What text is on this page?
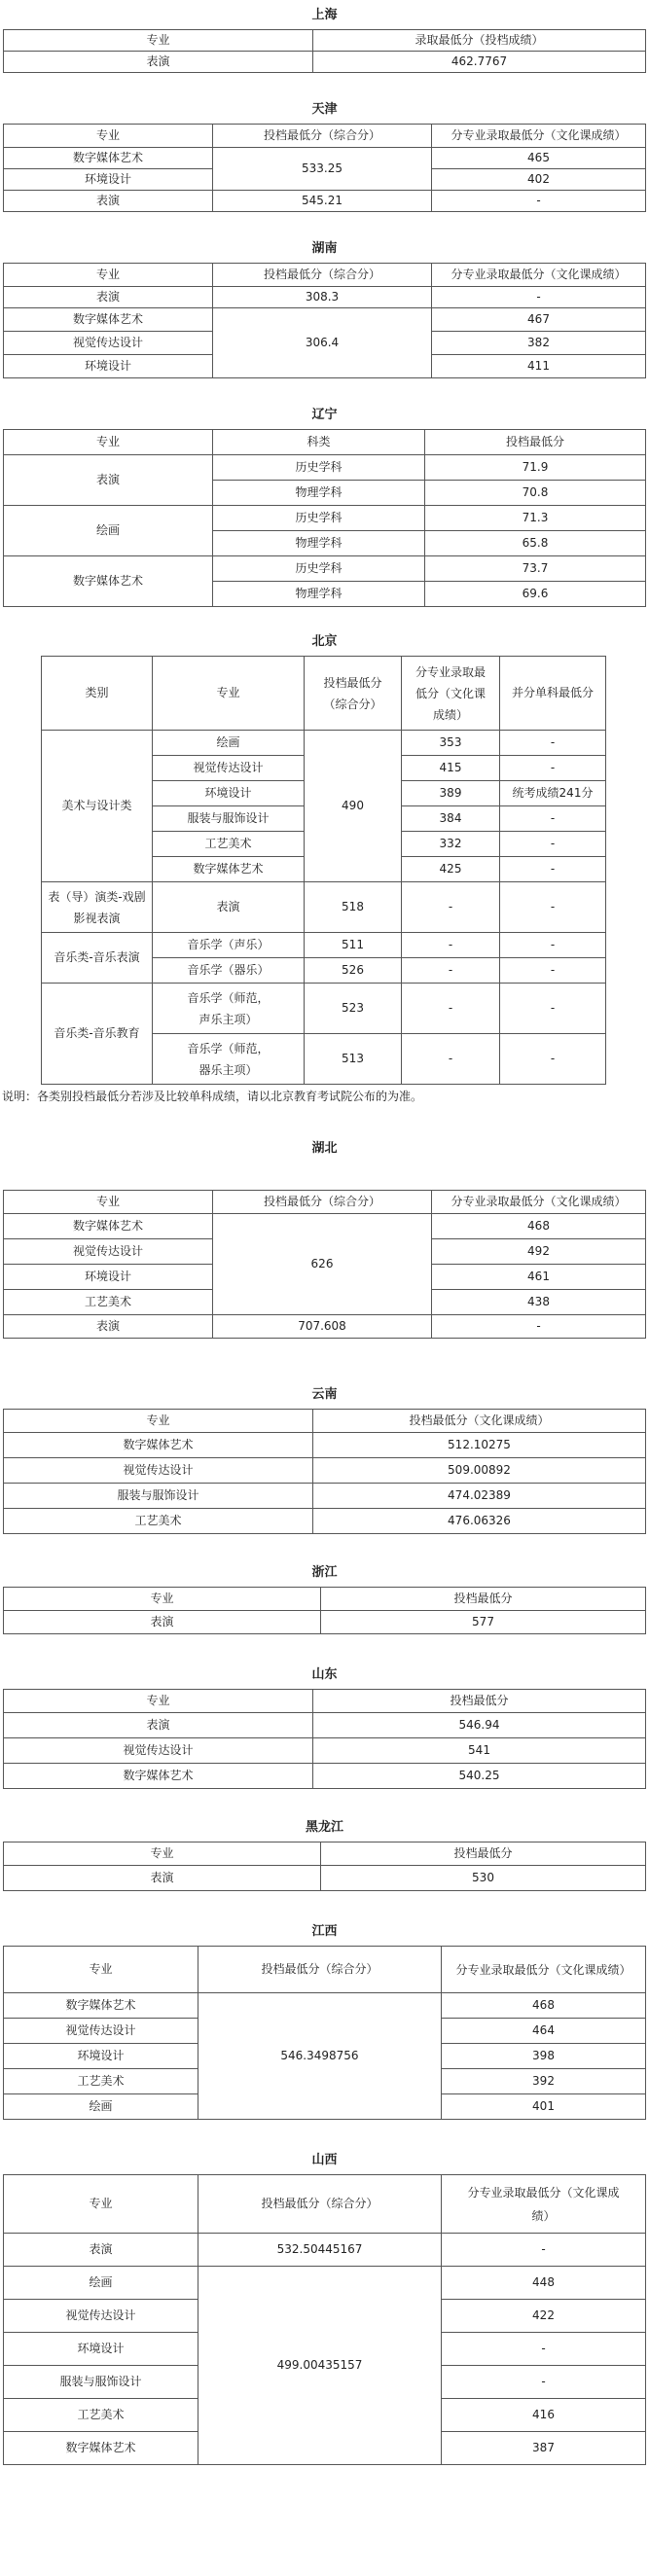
上海
专业	录取最低分（投档成绩）
表演	462.7767
天津
专业	投档最低分（综合分）	分专业录取最低分（文化课成绩）
数字媒体艺术	533.25	465
环境设计		402
表演	545.21	-
湖南
专业	投档最低分（综合分）	分专业录取最低分（文化课成绩）
表演	308.3	-
数字媒体艺术	306.4	467
视觉传达设计		382
环境设计		411
辽宁
专业	科类	投档最低分
表演	历史学科	71.9
	物理学科	70.8
绘画	历史学科	71.3
	物理学科	65.8
数字媒体艺术	历史学科	73.7
	物理学科	69.6
北京
类别	专业	投档最低分（综合分）	分专业录取最低分（文化课成绩）	并分单科最低分
美术与设计类	绘画	490	353	-
	视觉传达设计		415	-
	环境设计		389	统考成绩241分
	服装与服饰设计		384	-
	工艺美术		332	-
	数字媒体艺术		425	-
表（导）演类-戏剧影视表演	表演	518	-	-
音乐类-音乐表演	音乐学（声乐）	511	-	-
	音乐学（器乐）	526	-	-
音乐类-音乐教育	音乐学（师范，声乐主项）	523	-	-
	音乐学（师范，器乐主项）	513	-	-
说明：各类别投档最低分若涉及比较单科成绩，请以北京教育考试院公布的为准。
湖北
专业	投档最低分（综合分）	分专业录取最低分（文化课成绩）
数字媒体艺术	626	468
视觉传达设计		492
环境设计		461
工艺美术		438
表演	707.608	-
云南
专业	投档最低分（文化课成绩）
数字媒体艺术	512.10275
视觉传达设计	509.00892
服装与服饰设计	474.02389
工艺美术	476.06326
浙江
专业	投档最低分
表演	577
山东
专业	投档最低分
表演	546.94
视觉传达设计	541
数字媒体艺术	540.25
黑龙江
专业	投档最低分
表演	530
江西
专业	投档最低分（综合分）	分专业录取最低分（文化课成绩）
数字媒体艺术	546.3498756	468
视觉传达设计		464
环境设计		398
工艺美术		392
绘画		401
山西
专业	投档最低分（综合分）	分专业录取最低分（文化课成绩）
表演	532.50445167	-
绘画	499.00435157	448
视觉传达设计		422
环境设计		-
服装与服饰设计		-
工艺美术		416
数字媒体艺术		387
